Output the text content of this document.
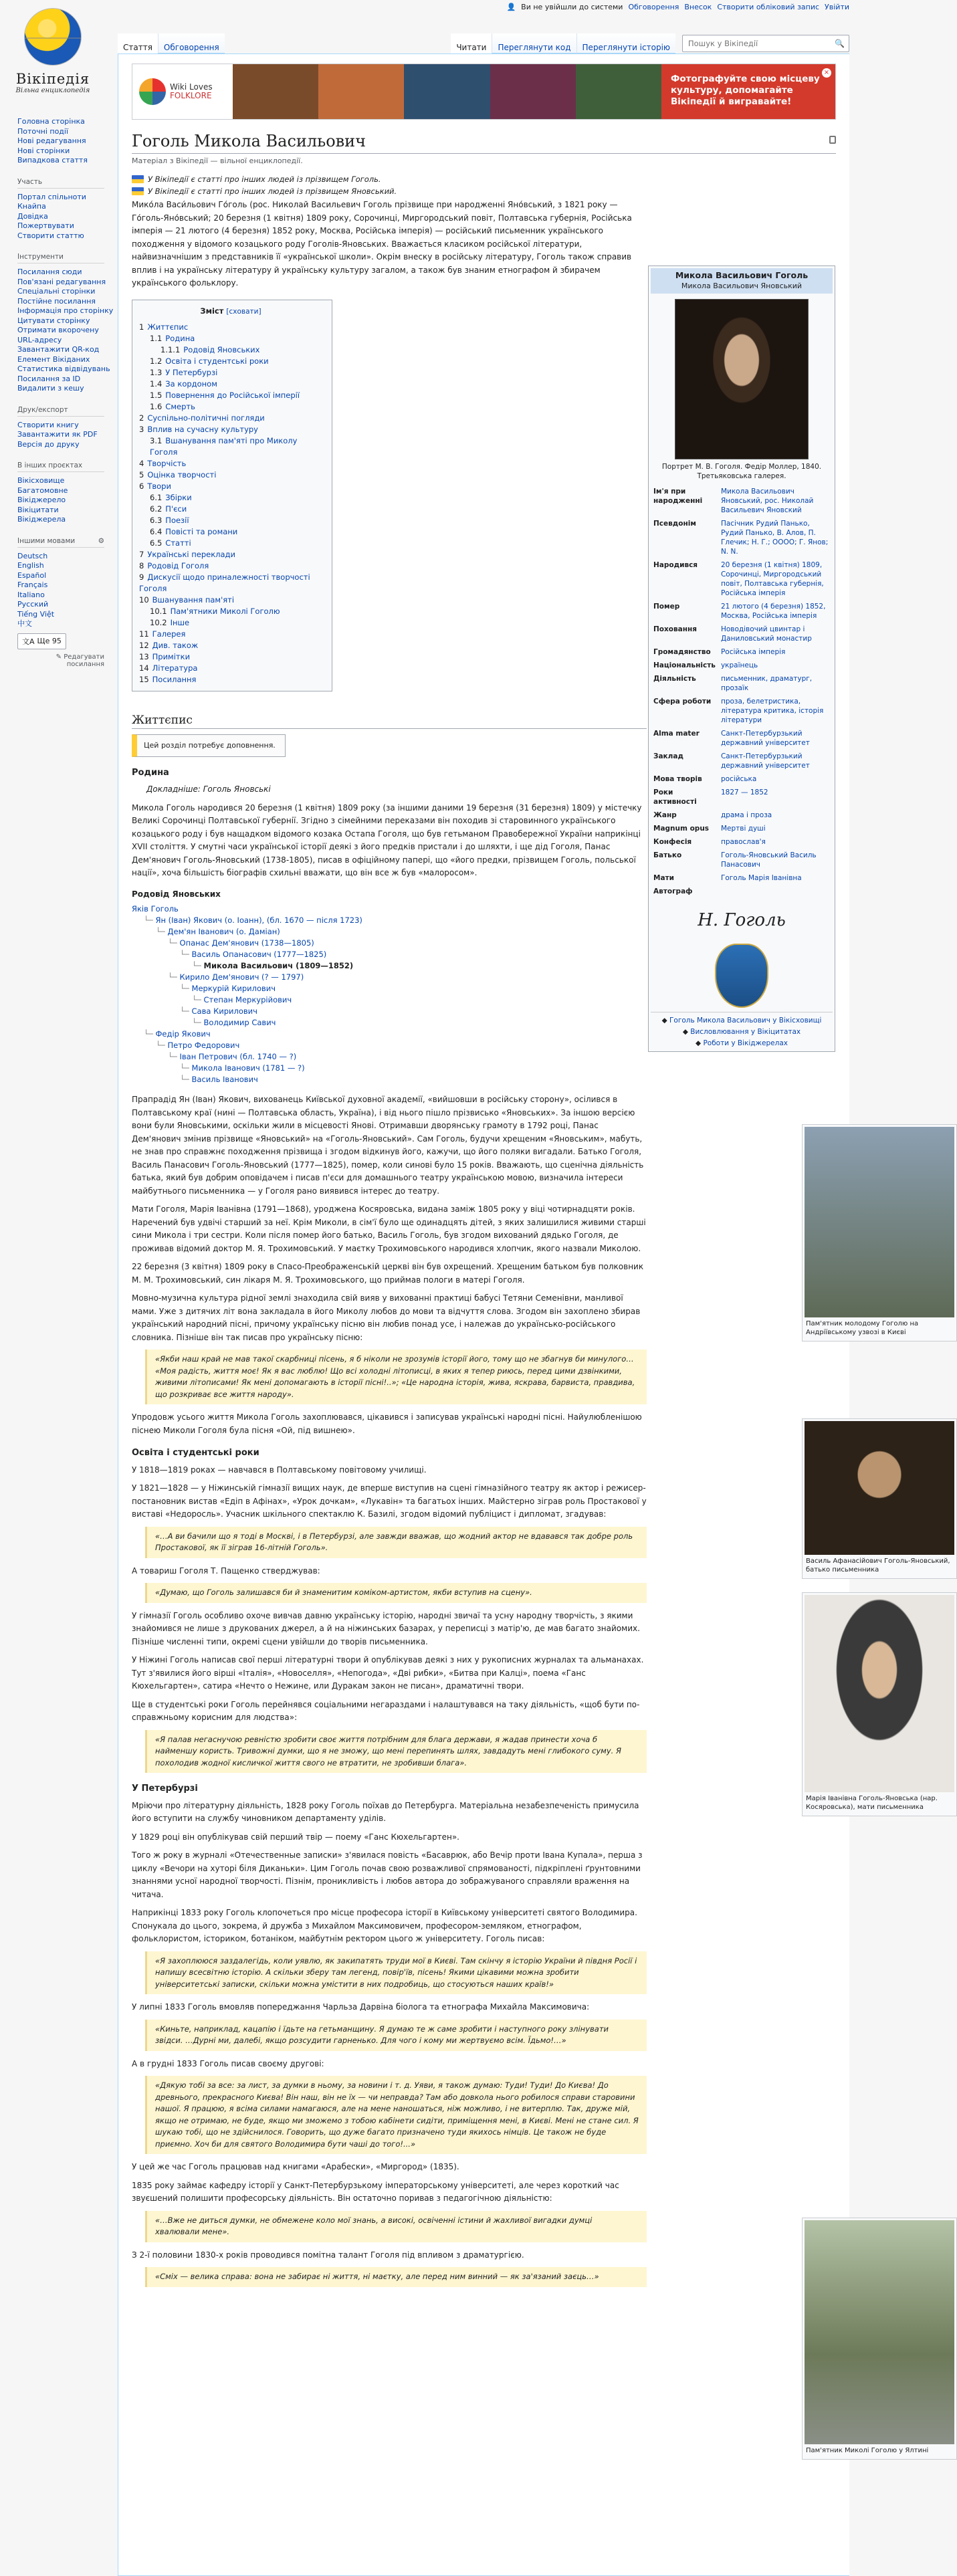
👤 Ви не увійшли до системи Обговорення Внесок Створити обліковий запис Увійти
Вікіпедія
Вільна енциклопедія
Головна сторінка
Поточні події
Нові редагування
Нові сторінки
Випадкова стаття
Участь
Портал спільноти
Кнайпа
Довідка
Пожертвувати
Створити статтю
Інструменти
Посилання сюди
Пов'язані редагування
Спеціальні сторінки
Постійне посилання
Інформація про сторінку
Цитувати сторінку
Отримати вкорочену URL-адресу
Завантажити QR-код
Елемент Вікіданих
Статистика відвідувань
Посилання за ID
Видалити з кешу
Друк/експорт
Створити книгу
Завантажити як PDF
Версія до друку
В інших проєктах
Вікісховище
Багатомовне Вікіджерело
Вікіцитати
Вікіджерела
Іншими мовами	⚙
Deutsch
English
Español
Français
Italiano
Русский
Tiếng Việt
中文
文A Ще 95
✎ Редагувати посилання
Стаття	Обговорення	Читати	Переглянути код	Переглянути історію
Пошук у Вікіпедії	🔍
Wiki Loves
FOLKLORE
Фотографуйте свою місцеву культуру, допомагайте Вікіпедії й вигравайте!
×
Гоголь Микола Васильович
Матеріал з Вікіпедії — вільної енциклопедії.
У Вікіпедії є статті про інших людей із прізвищем Гоголь.
У Вікіпедії є статті про інших людей із прізвищем Яновський.

Мико́ла Васи́льович Го́голь (рос. Николай Васильевич Гоголь прізвище при народженні Яно́вський, з 1821 року — Го́голь-Яно́вський; 20 березня (1 квітня) 1809 року, Сорочинці, Миргородський повіт, Полтавська губернія, Російська імперія — 21 лютого (4 березня) 1852 року, Москва, Російська імперія) — російський письменник українського походження у відомого козацького роду Гоголів-Яновських. Вважається класиком російської літератури, найвизначнішим з представників її «української школи». Окрім внеску в російську літературу, Гоголь також справив вплив і на українську літературу й українську культуру загалом, а також був знаним етнографом й збирачем українського фольклору.

Зміст [сховати]
1 Життєпис
1.1 Родина
1.1.1 Родовід Яновських
1.2 Освіта і студентські роки
1.3 У Петербурзі
1.4 За кордоном
1.5 Повернення до Російської імперії
1.6 Смерть
2 Суспільно-політичні погляди
3 Вплив на сучасну культуру
3.1 Вшанування пам'яті про Миколу Гоголя
4 Творчість
5 Оцінка творчості
6 Твори
6.1 Збірки
6.2 П'єси
6.3 Поезії
6.4 Повісті та романи
6.5 Статті
7 Українські переклади
8 Родовід Гоголя
9 Дискусії щодо приналежності творчості Гоголя
10 Вшанування пам'яті
10.1 Пам'ятники Миколі Гоголю
10.2 Інше
11 Галерея
12 Див. також
13 Примітки
14 Література
15 Посилання
Життєпис
Цей розділ потребує доповнення.
Родина

Докладніше: Гоголь Яновські

Микола Гоголь народився 20 березня (1 квітня) 1809 року (за іншими даними 19 березня (31 березня) 1809) у містечку Великі Сорочинці Полтавської губернії. Згідно з сімейними переказами він походив зі старовинного українського козацького роду і був нащадком відомого козака Остапа Гоголя, що був гетьманом Правобережної України наприкінці XVII століття. У смутні часи української історії деякі з його предків пристали і до шляхти, і ще дід Гоголя, Панас Дем'янович Гоголь-Яновський (1738-1805), писав в офіційному папері, що «його предки, прізвищем Гоголь, польської нації», хоча більшість біографів схильні вважати, що він все ж був «малоросом».

Родовід Яновських
Яків Гоголь
└─ Ян (Іван) Якович (о. Іоанн), (бл. 1670 — після 1723)
└─ Дем'ян Іванович (о. Даміан)
└─ Опанас Дем'янович (1738—1805)
└─ Василь Опанасович (1777—1825)
└─ Микола Васильович (1809—1852)
└─ Кирило Дем'янович (? — 1797)
└─ Меркурій Кирилович
└─ Степан Меркурійович
└─ Сава Кирилович
└─ Володимир Савич
└─ Федір Якович
└─ Петро Федорович
└─ Іван Петрович (бл. 1740 — ?)
└─ Микола Іванович (1781 — ?)
└─ Василь Іванович

Прапрадід Ян (Іван) Якович, вихованець Київської духовної академії, «вийшовши в російську сторону», осілився в Полтавському краї (нині — Полтавська область, Україна), і від нього пішло прізвисько «Яновських». За іншою версією вони були Яновськими, оскільки жили в місцевості Янові. Отримавши дворянську грамоту в 1792 році, Панас Дем'янович змінив прізвище «Яновський» на «Гоголь-Яновський». Сам Гоголь, будучи хрещеним «Яновським», мабуть, не знав про справжнє походження прізвища і згодом відкинув його, кажучи, що його поляки вигадали. Батько Гоголя, Василь Панасович Гоголь-Яновський (1777—1825), помер, коли синові було 15 років. Вважають, що сценічна діяльність батька, який був добрим оповідачем і писав п'єси для домашнього театру українською мовою, визначила інтереси майбутнього письменника — у Гоголя рано виявився інтерес до театру.

Мати Гоголя, Марія Іванівна (1791—1868), уроджена Косяровська, видана заміж 1805 року у віці чотирнадцяти років. Наречений був удвічі старший за неї. Крім Миколи, в сім'ї було ще одинадцять дітей, з яких залишилися живими старші сини Микола і три сестри. Коли після помер його батько, Василь Гоголь, був згодом вихований дядько Гоголя, де проживав відомий доктор М. Я. Трохимовський. У маєтку Трохимовського народився хлопчик, якого назвали Миколою.

22 березня (3 квітня) 1809 року в Спасо-Преображенській церкві він був охрещений. Хрещеним батьком був полковник М. М. Трохимовський, син лікаря М. Я. Трохимовського, що приймав пологи в матері Гоголя.

Мовно-музична культура рідної землі знаходила свій вияв у вихованні практиці бабусі Тетяни Семенівни, манливої мами. Уже з дитячих літ вона закладала в його Миколу любов до мови та відчуття слова. Згодом він захоплено збирав український народний пісні, причому українську пісню він любив понад усе, і належав до українсько-російського словника. Пізніше він так писав про українську пісню:

«Якби наш край не мав такої скарбниці пісень, я б ніколи не зрозумів історії його, тому що не збагнув би минулого… «Моя радість, життя моє! Як я вас люблю! Що всі холодні літописці, в яких я тепер риюсь, перед цими дзвінкими, живими літописами! Як мені допомагають в історії пісні!..»; «Це народна історія, жива, яскрава, барвиста, правдива, що розкриває все життя народу».

Упродовж усього життя Микола Гоголь захоплювався, цікавився і записував українські народні пісні. Найулюбленішою піснею Миколи Гоголя була пісня «Ой, під вишнею».

Освіта і студентські роки

У 1818—1819 роках — навчався в Полтавському повітовому училищі.

У 1821—1828 — у Ніжинській гімназії вищих наук, де вперше виступив на сцені гімназійного театру як актор і режисер-постановник вистав «Едіп в Афінах», «Урок дочкам», «Лукавін» та багатьох інших. Майстерно зіграв роль Простакової у виставі «Недоросль». Учасник шкільного спектаклю К. Базилі, згодом відомий публіцист і дипломат, згадував:

«…А ви бачили що я тоді в Москві, і в Петербурзі, але завжди вважав, що жодний актор не вдавався так добре роль Простакової, як її зіграв 16-літній Гоголь».

А товариш Гоголя Т. Пащенко стверджував:

«Думаю, що Гоголь залишався би й знаменитим коміком-артистом, якби вступив на сцену».

У гімназії Гоголь особливо охоче вивчав давню українську історію, народні звичаї та усну народну творчість, з якими знайомився не лише з друкованих джерел, а й на ніжинських базарах, у переписці з матір'ю, де мав багато знайомих. Пізніше численні типи, окремі сцени увійшли до творів письменника.

У Ніжині Гоголь написав свої перші літературні твори й опублікував деякі з них у рукописних журналах та альманахах. Тут з'явилися його вірші «Італія», «Новоселля», «Непогода», «Дві рибки», «Битва при Калці», поема «Ганс Кюхельгартен», сатира «Нечто о Нежине, или Дуракам закон не писан», драматичні твори.

Ще в студентські роки Гоголь перейнявся соціальними негараздами і налаштувався на таку діяльність, «щоб бути по-справжньому корисним для людства»:

«Я палав негаснучою ревністю зробити своє життя потрібним для блага держави, я жадав принести хоча б найменшу користь. Тривожні думки, що я не зможу, що мені перепинять шлях, завдадуть мені глибокого суму. Я похолодив жодної кисличкої життя свого не втратити, не зробивши блага».
У Петербурзі

Мріючи про літературну діяльність, 1828 року Гоголь поїхав до Петербурга. Матеріальна незабезпеченість примусила його вступити на службу чиновником департаменту уділів.

У 1829 році він опублікував свій перший твір — поему «Ганс Кюхельгартен».

Того ж року в журналі «Отечественные записки» з'явилася повість «Басаврюк, або Вечір проти Івана Купала», перша з циклу «Вечори на хуторі біля Диканьки». Цим Гоголь почав свою розважливої спрямованості, підкріплені ґрунтовними знаннями усної народної творчості. Пізнім, проникливість і любов автора до зображуваного справляли враження на читача.

Наприкінці 1833 року Гоголь клопочеться про місце професора історії в Київському університеті святого Володимира. Спонукала до цього, зокрема, й дружба з Михайлом Максимовичем, професором-земляком, етнографом, фольклористом, істориком, ботаніком, майбутнім ректором цього ж університету. Гоголь писав:

«Я захоплююся заздалегідь, коли уявлю, як закипатять труди мої в Києві. Там скінчу я історію України й півдня Росії і напишу всесвітню історію. А скільки зберу там легенд, повір'їв, пісень! Якими цікавими можна зробити університетські записки, скільки можна умістити в них подробиць, що стосуються наших країв!»

У липні 1833 Гоголь вмовляв попереджання Чарльза Дарвіна біолога та етнографа Михайла Максимовича:

«Киньте, наприклад, кацапію і їдьте на гетьманщину. Я думаю те ж саме зробити і наступного року злінувати звідси. …Дурні ми, далебі, якщо розсудити гарненько. Для чого і кому ми жертвуємо всім. Їдьмо!…»

А в грудні 1833 Гоголь писав своєму другові:

«Дякую тобі за все: за лист, за думки в ньому, за новини і т. д. Уяви, я також думаю: Туди! Туди! До Києва! До древнього, прекрасного Києва! Він наш, він не їх — чи неправда? Там або довкола нього робилося справи старовини нашої. Я працюю, я всіма силами намагаюся, але на мене наношаться, ніж можливо, і не витерплю. Так, друже мій, якщо не отримаю, не буде, якщо ми зможемо з тобою кабінети сидіти, приміщення мені, в Києві. Мені не стане сил. Я шукаю тобі, що не здійснилося. Говорить, що дуже багато призначено туди якихось німців. Це також не буде приємно. Хоч би для святого Володимира бути чаші до того!...»

У цей же час Гоголь працював над книгами «Арабески», «Миргород» (1835).

1835 року займає кафедру історії у Санкт-Петербурзькому імператорському університеті, але через короткий час звуєшений полишити професорську діяльність. Він остаточно поривав з педагогічною діяльністю:

«…Вже не диться думки, не обмежене коло мої знань, а високі, освіченні істини й жахливої вигадки думці хвалювали мене».

З 2-ї половини 1830-х років проводився помітна талант Гоголя під впливом з драматургією.

«Сміх — велика справа: вона не забирає ні життя, ні маєтку, але перед ним винний — як за'язаний заєць…»
Микола Васильович Гоголь
Микола Васильович Яновський
Портрет М. В. Гоголя. Федір Моллер, 1840. Третьяковська галерея.
Ім'я при народженні	Микола Васильович Яновський, рос. Николай Васильевич Яновский
Псевдонім	Пасічник Рудий Панько, Рудий Панько, В. Алов, П. Глечик; Н. Г.; OOOO; Г. Янов; N. N.
Народився	20 березня (1 квітня) 1809, Сорочинці, Миргородський повіт, Полтавська губернія, Російська імперія
Помер	21 лютого (4 березня) 1852, Москва, Російська імперія
Поховання	Новодівочий цвинтар і Даниловський монастир
Громадянство	Російська імперія
Національність	українець
Діяльність	письменник, драматург, прозаїк
Сфера роботи	проза, белетристика, література критика, історія літератури
Alma mater	Санкт-Петербурзький державний університет
Заклад	Санкт-Петербурзький державний університет
Мова творів	російська
Роки активності	1827 — 1852
Жанр	драма і проза
Magnum opus	Мертві душі
Конфесія	православ'я
Батько	Гоголь-Яновський Василь Панасович
Мати	Гоголь Марія Іванівна
Автограф	
Н. Гоголь
◆ Гоголь Микола Васильович у Вікісховищі
◆ Висловлювання у Вікіцитатах
◆ Роботи у Вікіджерелах
Пам'ятник молодому Гоголю на Андріївському узвозі в Києві
Василь Афанасійович Гоголь-Яновський, батько письменника
Марія Іванівна Гоголь-Яновська (нар. Косяровська), мати письменника
Пам'ятник Миколі Гоголю у Ялтині
